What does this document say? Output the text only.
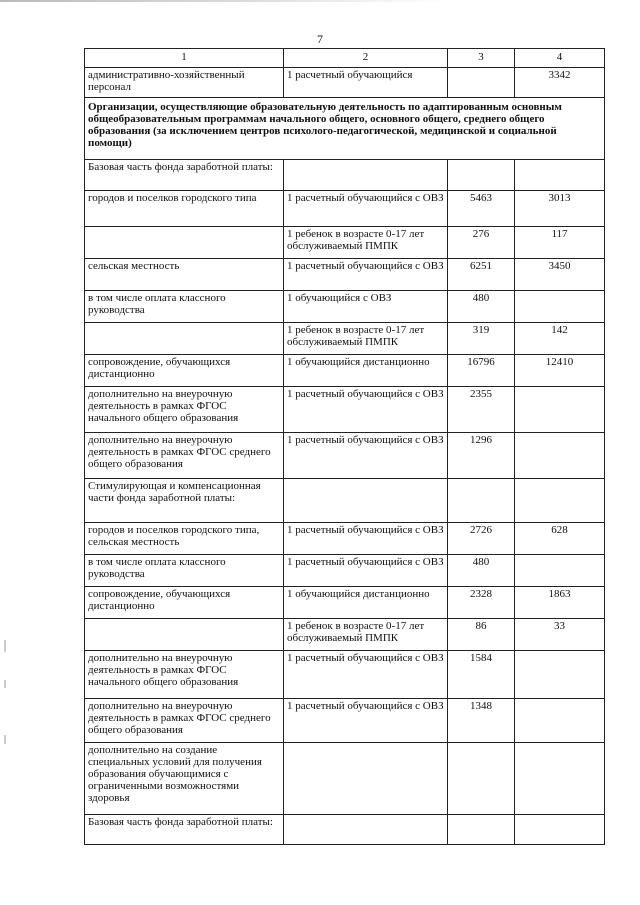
7
1	2	3	4
административно-хозяйственный персонал	1 расчетный обучающийся		3342
Организации, осуществляющие образовательную деятельность по адаптированным основным общеобразовательным программам начального общего, основного общего, среднего общего образования (за исключением центров психолого-педагогической, медицинской и социальной помощи)			
Базовая часть фонда заработной платы:			
городов и поселков городского типа	1 расчетный обучающийся с ОВЗ	5463	3013
	1 ребенок в возрасте 0-17 лет обслуживаемый ПМПК	276	117
сельская местность	1 расчетный обучающийся с ОВЗ	6251	3450
в том числе оплата классного руководства	1 обучающийся с ОВЗ	480	
	1 ребенок в возрасте 0-17 лет обслуживаемый ПМПК	319	142
сопровождение, обучающихся дистанционно	1 обучающийся дистанционно	16796	12410
дополнительно на внеурочную деятельность в рамках ФГОС начального общего образования	1 расчетный обучающийся с ОВЗ	2355	
дополнительно на внеурочную деятельность в рамках ФГОС среднего общего образования	1 расчетный обучающийся с ОВЗ	1296	
Стимулирующая и компенсационная части фонда заработной платы:			
городов и поселков городского типа, сельская местность	1 расчетный обучающийся с ОВЗ	2726	628
в том числе оплата классного руководства	1 расчетный обучающийся с ОВЗ	480	
сопровождение, обучающихся дистанционно	1 обучающийся дистанционно	2328	1863
	1 ребенок в возрасте 0-17 лет обслуживаемый ПМПК	86	33
дополнительно на внеурочную деятельность в рамках ФГОС начального общего образования	1 расчетный обучающийся с ОВЗ	1584	
дополнительно на внеурочную деятельность в рамках ФГОС среднего общего образования	1 расчетный обучающийся с ОВЗ	1348	
дополнительно на создание специальных условий для получения образования обучающимися с ограниченными возможностями здоровья			
Базовая часть фонда заработной платы:			
